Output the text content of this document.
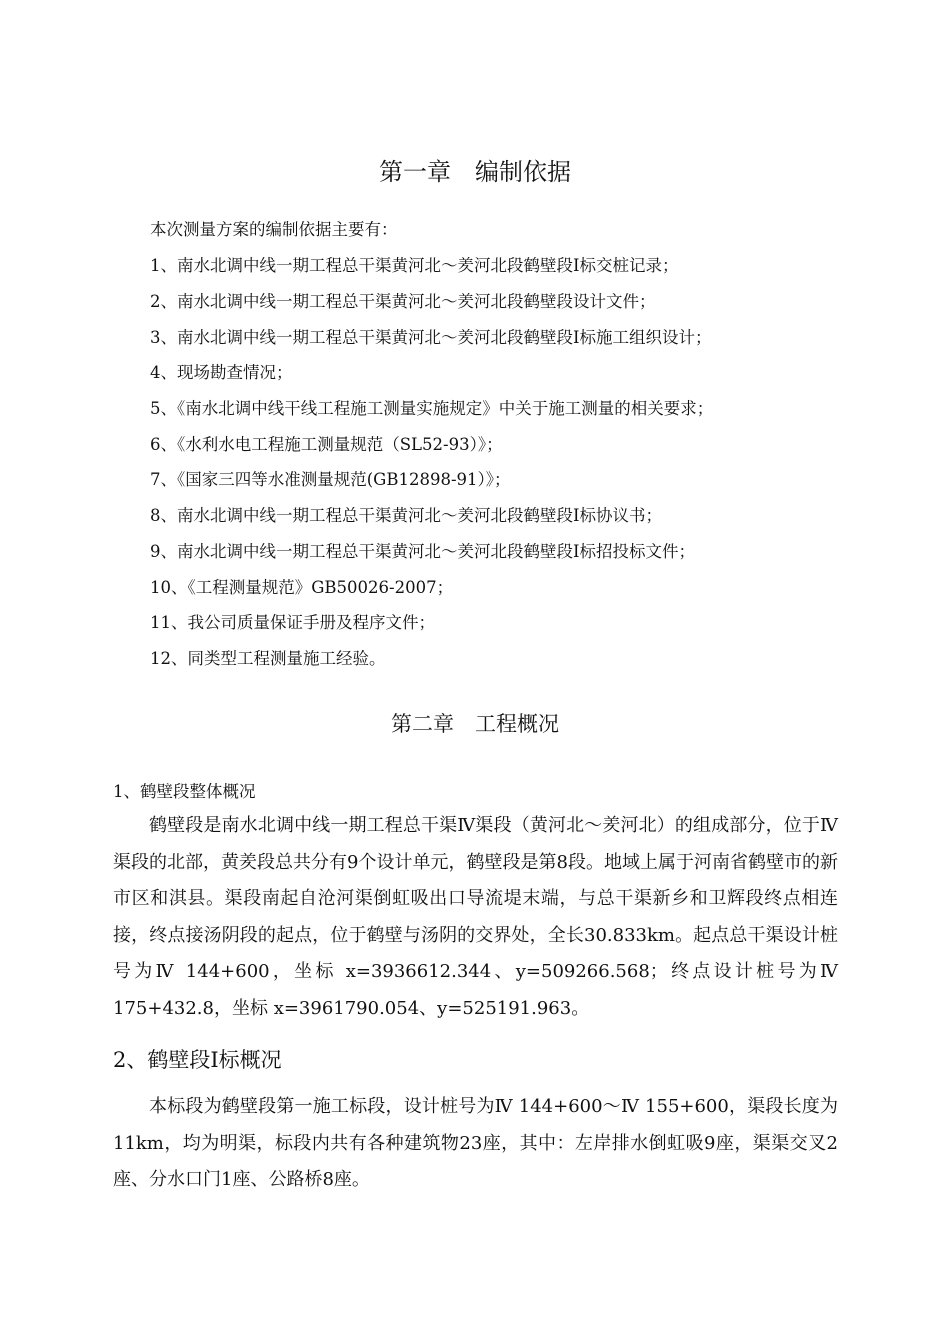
第一章　编制依据
本次测量方案的编制依据主要有：
1、南水北调中线一期工程总干渠黄河北～羑河北段鹤壁段Ⅰ标交桩记录；
2、南水北调中线一期工程总干渠黄河北～羑河北段鹤壁段设计文件；
3、南水北调中线一期工程总干渠黄河北～羑河北段鹤壁段Ⅰ标施工组织设计；
4、现场勘查情况；
5、《南水北调中线干线工程施工测量实施规定》中关于施工测量的相关要求；
6、《水利水电工程施工测量规范（SL52-93）》；
7、《国家三四等水准测量规范(GB12898-91）》；
8、南水北调中线一期工程总干渠黄河北～羑河北段鹤壁段Ⅰ标协议书；
9、南水北调中线一期工程总干渠黄河北～羑河北段鹤壁段Ⅰ标招投标文件；
10、《工程测量规范》GB50026-2007；
11、我公司质量保证手册及程序文件；
12、同类型工程测量施工经验。
第二章　工程概况
1、鹤壁段整体概况

鹤壁段是南水北调中线一期工程总干渠Ⅳ渠段（黄河北～羑河北）的组成部分，位于Ⅳ渠段的北部，黄羑段总共分有9个设计单元，鹤壁段是第8段。地域上属于河南省鹤壁市的新市区和淇县。渠段南起自沧河渠倒虹吸出口导流堤末端，与总干渠新乡和卫辉段终点相连接，终点接汤阴段的起点，位于鹤壁与汤阴的交界处，全长30.833km。起点总干渠设计桩号为Ⅳ 144+600，坐标 x=3936612.344、y=509266.568；终点设计桩号为Ⅳ 175+432.8，坐标 x=3961790.054、y=525191.963。

2、鹤壁段Ⅰ标概况

本标段为鹤壁段第一施工标段，设计桩号为Ⅳ 144+600～Ⅳ 155+600，渠段长度为11km，均为明渠，标段内共有各种建筑物23座，其中：左岸排水倒虹吸9座，渠渠交叉2座、分水口门1座、公路桥8座。
